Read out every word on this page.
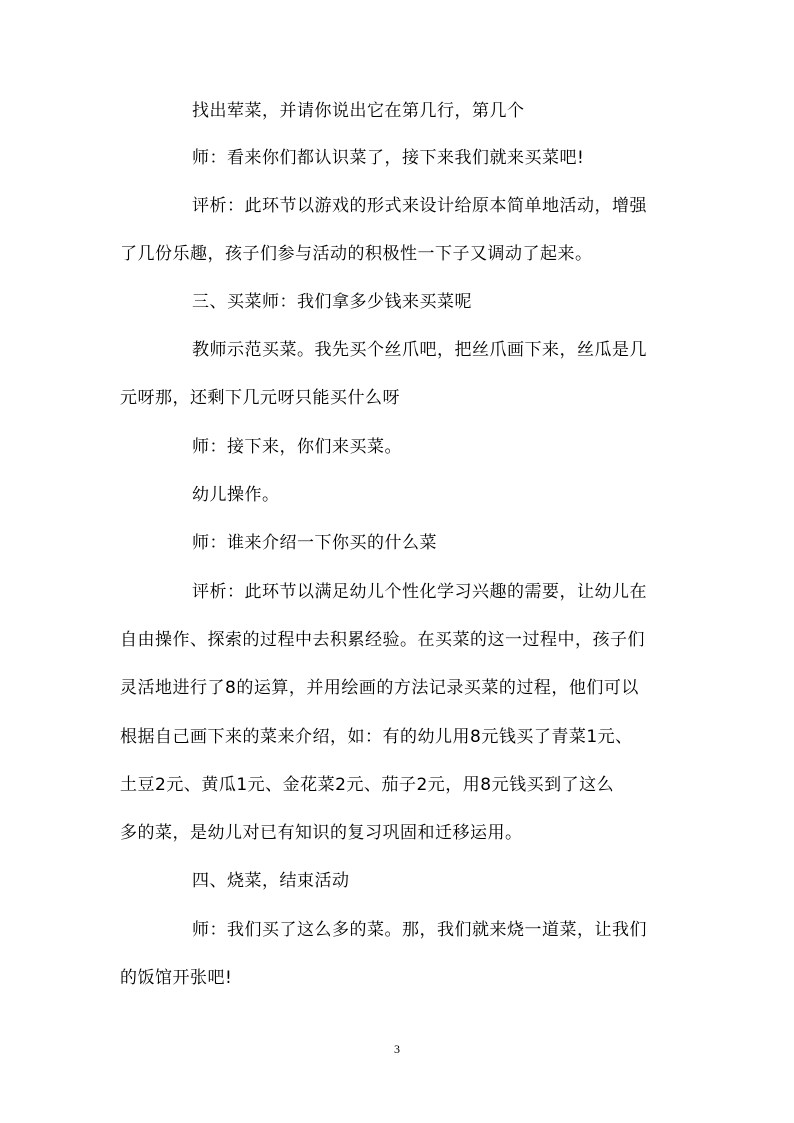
找出荤菜，并请你说出它在第几行，第几个
师：看来你们都认识菜了，接下来我们就来买菜吧!
评析：此环节以游戏的形式来设计给原本简单地活动，增强
了几份乐趣，孩子们参与活动的积极性一下子又调动了起来。
三、买菜师：我们拿多少钱来买菜呢
教师示范买菜。我先买个丝爪吧，把丝爪画下来，丝瓜是几
元呀那，还剩下几元呀只能买什么呀
师：接下来，你们来买菜。
幼儿操作。
师：谁来介绍一下你买的什么菜
评析：此环节以满足幼儿个性化学习兴趣的需要，让幼儿在
自由操作、探索的过程中去积累经验。在买菜的这一过程中，孩子们
灵活地进行了8的运算，并用绘画的方法记录买菜的过程，他们可以
根据自己画下来的菜来介绍，如：有的幼儿用8元钱买了青菜1元、
土豆2元、黄瓜1元、金花菜2元、茄子2元，用8元钱买到了这么
多的菜，是幼儿对已有知识的复习巩固和迁移运用。
四、烧菜，结束活动
师：我们买了这么多的菜。那，我们就来烧一道菜，让我们
的饭馆开张吧!
3
